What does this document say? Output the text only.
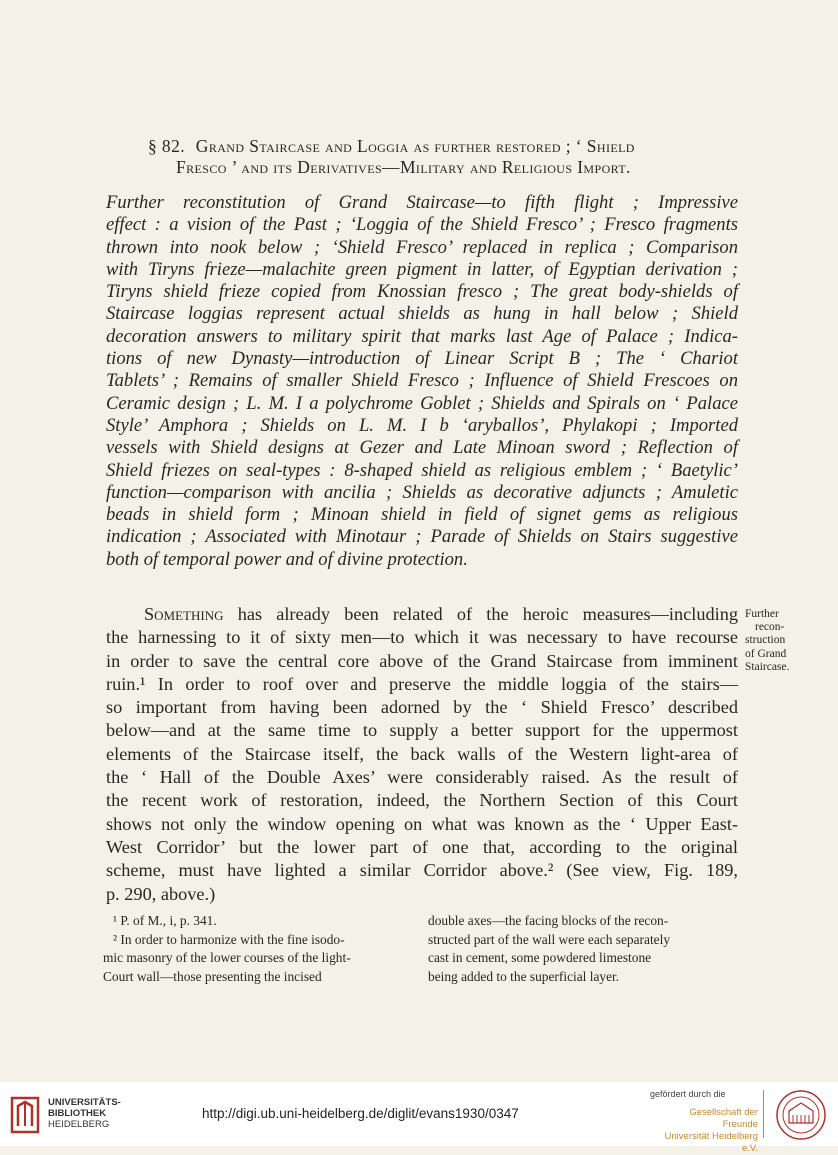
§ 82. Grand Staircase and Loggia as further restored ; ‘ Shield
Fresco ’ and its Derivatives—Military and Religious Import.
Further reconstitution of Grand Staircase—to fifth flight ; Impressive
effect : a vision of the Past ; ‘Loggia of the Shield Fresco’ ; Fresco fragments
thrown into nook below ; ‘Shield Fresco’ replaced in replica ; Comparison
with Tiryns frieze—malachite green pigment in latter, of Egyptian derivation ;
Tiryns shield frieze copied from Knossian fresco ; The great body-shields of
Staircase loggias represent actual shields as hung in hall below ; Shield
decoration answers to military spirit that marks last Age of Palace ; Indica-
tions of new Dynasty—introduction of Linear Script B ; The ‘ Chariot
Tablets’ ; Remains of smaller Shield Fresco ; Influence of Shield Frescoes on
Ceramic design ; L. M. I a polychrome Goblet ; Shields and Spirals on ‘ Palace
Style’ Amphora ; Shields on L. M. I b ‘aryballos’, Phylakopi ; Imported
vessels with Shield designs at Gezer and Late Minoan sword ; Reflection of
Shield friezes on seal-types : 8-shaped shield as religious emblem ; ‘ Baetylic’
function—comparison with ancilia ; Shields as decorative adjuncts ; Amuletic
beads in shield form ; Minoan shield in field of signet gems as religious
indication ; Associated with Minotaur ; Parade of Shields on Stairs suggestive
both of temporal power and of divine protection.
Something has already been related of the heroic measures—including
the harnessing to it of sixty men—to which it was necessary to have recourse
in order to save the central core above of the Grand Staircase from imminent
ruin.¹ In order to roof over and preserve the middle loggia of the stairs—
so important from having been adorned by the ‘ Shield Fresco’ described
below—and at the same time to supply a better support for the uppermost
elements of the Staircase itself, the back walls of the Western light-area of
the ‘ Hall of the Double Axes’ were considerably raised. As the result of
the recent work of restoration, indeed, the Northern Section of this Court
shows not only the window opening on what was known as the ‘ Upper East-
West Corridor’ but the lower part of one that, according to the original
scheme, must have lighted a similar Corridor above.² (See view, Fig. 189,
p. 290, above.)
Further
recon-
struction
of Grand
Staircase.
¹ P. of M., i, p. 341.
² In order to harmonize with the fine isodo-
mic masonry of the lower courses of the light-
Court wall—those presenting the incised
double axes—the facing blocks of the recon-
structed part of the wall were each separately
cast in cement, some powdered limestone
being added to the superficial layer.
UNIVERSITÄTS-
BIBLIOTHEK
HEIDELBERG
http://digi.ub.uni-heidelberg.de/diglit/evans1930/0347
gefördert durch die
Gesellschaft der Freunde
Universität Heidelberg e.V.
